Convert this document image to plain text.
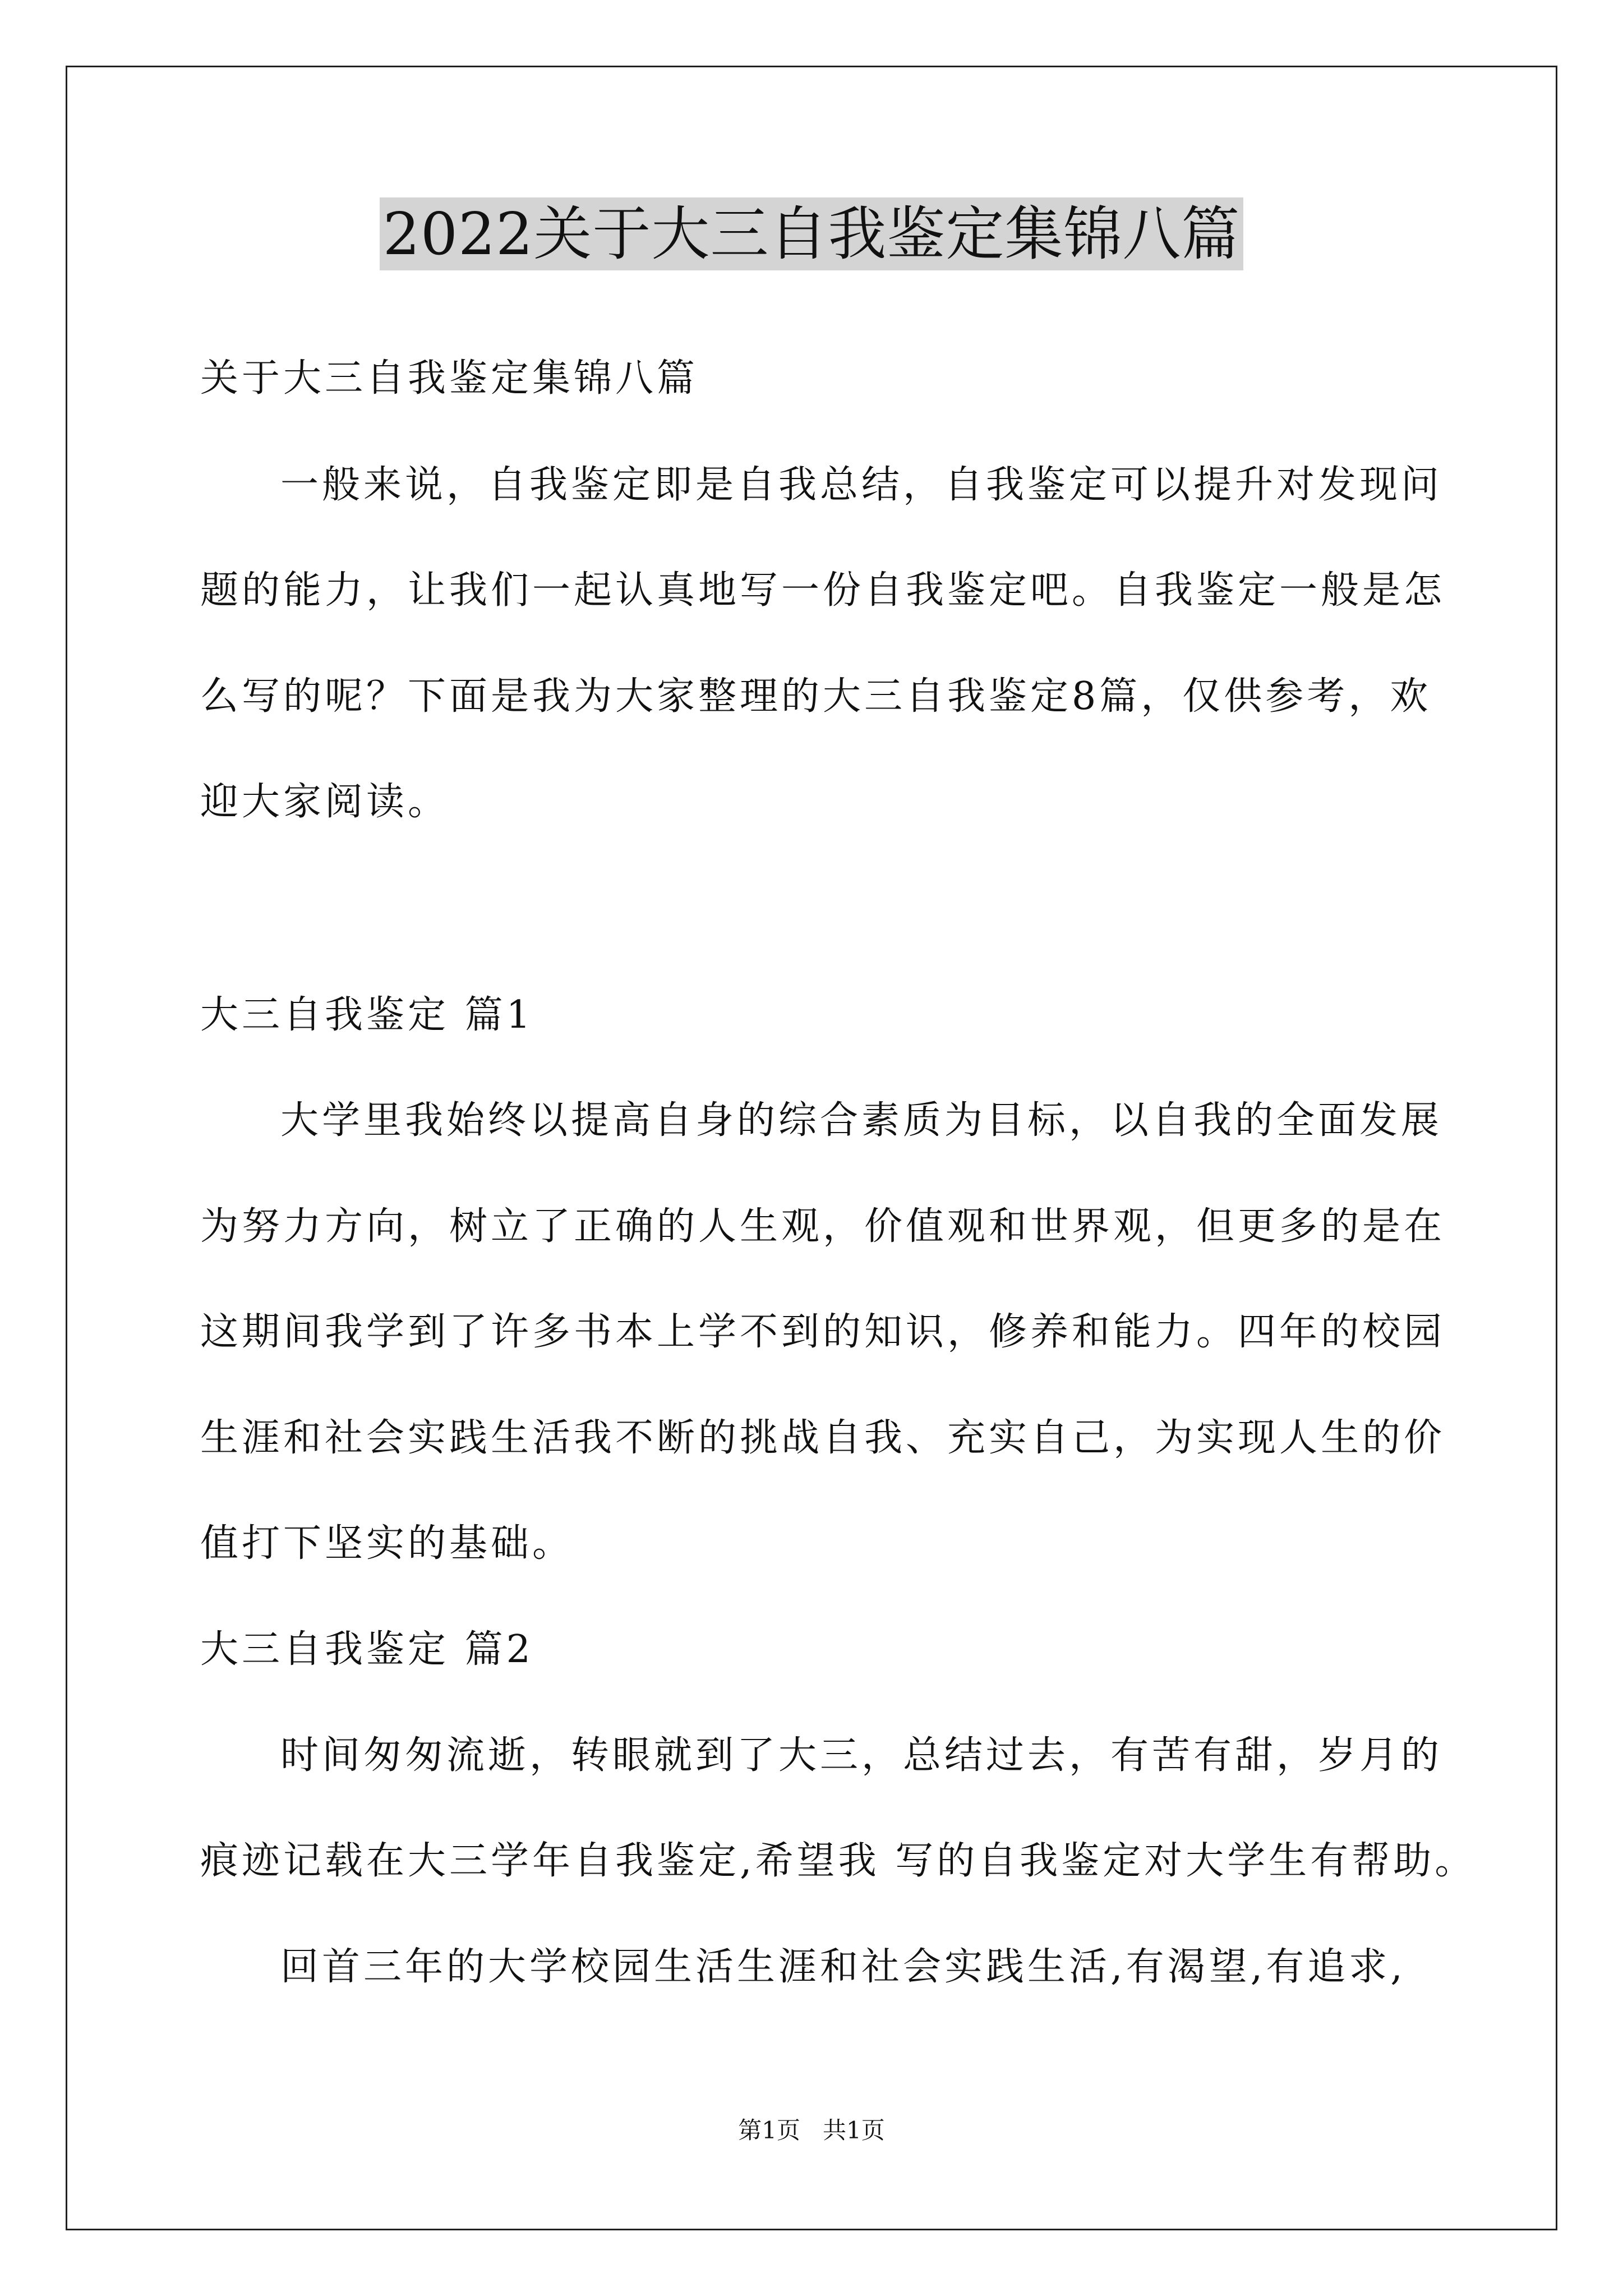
2022关于大三自我鉴定集锦八篇
关于大三自我鉴定集锦八篇
一般来说，自我鉴定即是自我总结，自我鉴定可以提升对发现问
题的能力，让我们一起认真地写一份自我鉴定吧。自我鉴定一般是怎
么写的呢？下面是我为大家整理的大三自我鉴定8篇，仅供参考，欢
迎大家阅读。
大三自我鉴定 篇1
大学里我始终以提高自身的综合素质为目标，以自我的全面发展
为努力方向，树立了正确的人生观，价值观和世界观，但更多的是在
这期间我学到了许多书本上学不到的知识，修养和能力。四年的校园
生涯和社会实践生活我不断的挑战自我、充实自己，为实现人生的价
值打下坚实的基础。
大三自我鉴定 篇2
时间匆匆流逝，转眼就到了大三，总结过去，有苦有甜，岁月的
痕迹记载在大三学年自我鉴定,希望我 写的自我鉴定对大学生有帮助。
回首三年的大学校园生活生涯和社会实践生活,有渴望,有追求,
第1页   共1页
